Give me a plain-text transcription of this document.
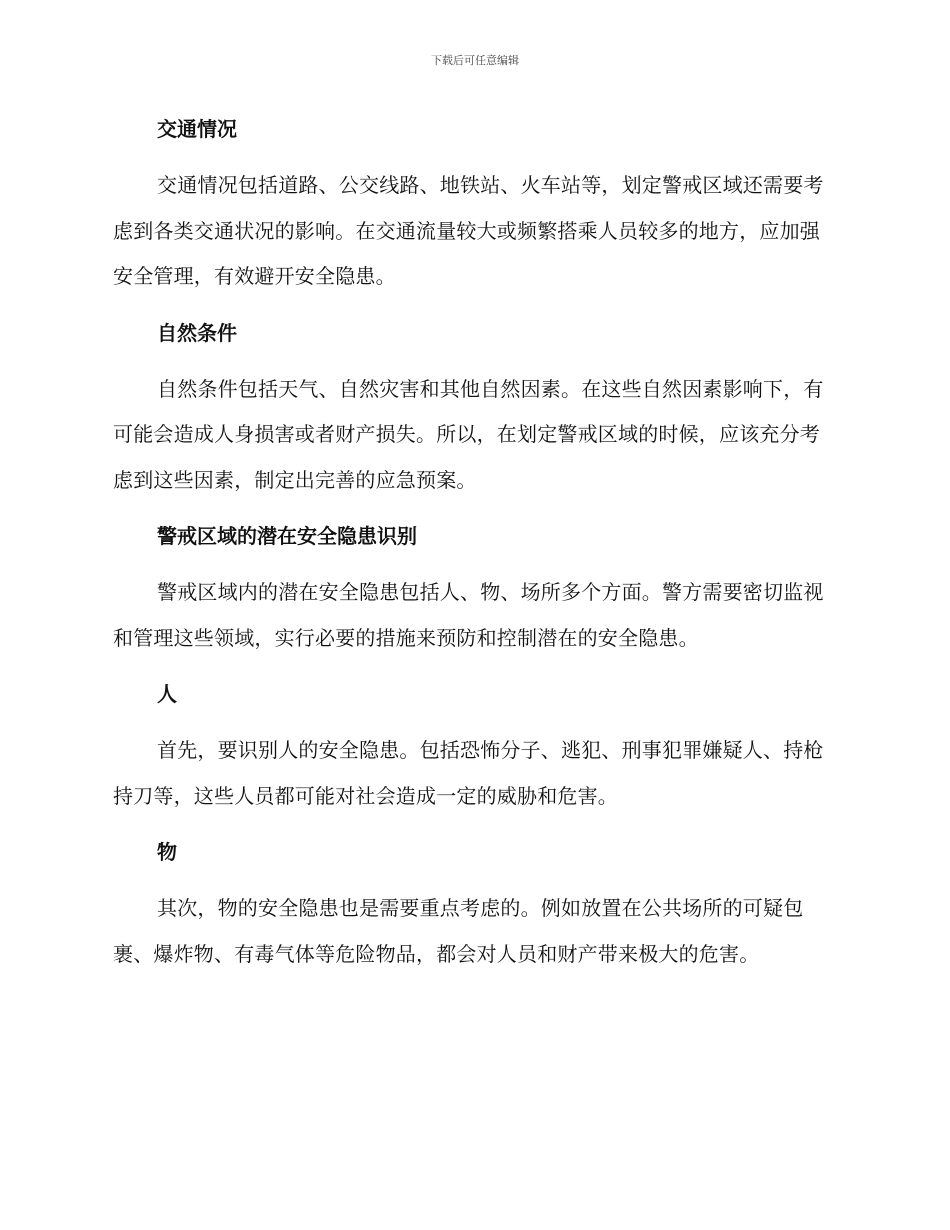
下载后可任意编辑
交通情况

交通情况包括道路、公交线路、地铁站、火车站等，划定警戒区域还需要考虑到各类交通状况的影响。在交通流量较大或频繁搭乘人员较多的地方，应加强安全管理，有效避开安全隐患。

自然条件

自然条件包括天气、自然灾害和其他自然因素。在这些自然因素影响下，有可能会造成人身损害或者财产损失。所以，在划定警戒区域的时候，应该充分考虑到这些因素，制定出完善的应急预案。

警戒区域的潜在安全隐患识别

警戒区域内的潜在安全隐患包括人、物、场所多个方面。警方需要密切监视和管理这些领域，实行必要的措施来预防和控制潜在的安全隐患。

人

首先，要识别人的安全隐患。包括恐怖分子、逃犯、刑事犯罪嫌疑人、持枪持刀等，这些人员都可能对社会造成一定的威胁和危害。

物

其次，物的安全隐患也是需要重点考虑的。例如放置在公共场所的可疑包裹、爆炸物、有毒气体等危险物品，都会对人员和财产带来极大的危害。
